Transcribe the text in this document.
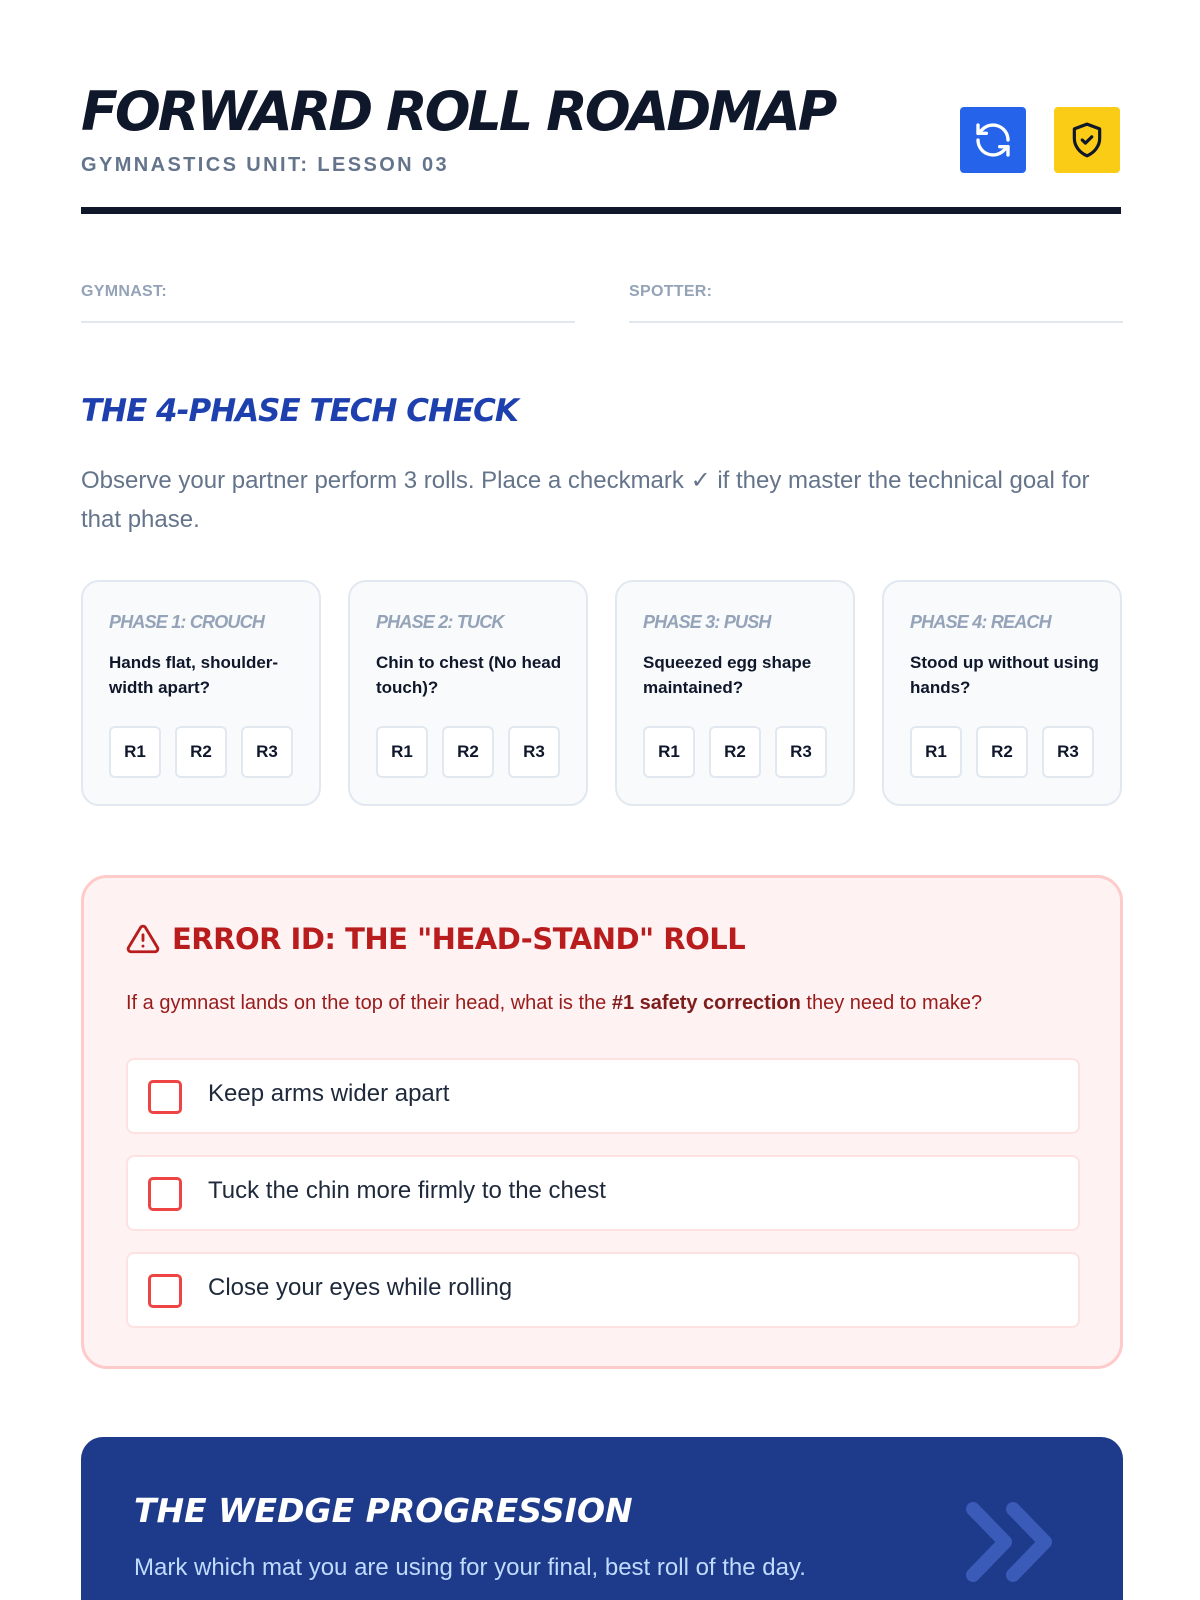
FORWARD ROLL ROADMAP
GYMNASTICS UNIT: LESSON 03
GYMNAST:	SPOTTER:
THE 4-PHASE TECH CHECK
Observe your partner perform 3 rolls. Place a checkmark ✓ if they master the technical goal for that phase.
PHASE 1: CROUCH
Hands flat, shoulder-width apart?
R1	R2	R3
PHASE 2: TUCK
Chin to chest (No head touch)?
R1	R2	R3
PHASE 3: PUSH
Squeezed egg shape maintained?
R1	R2	R3
PHASE 4: REACH
Stood up without using hands?
R1	R2	R3
ERROR ID: THE "HEAD-STAND" ROLL
If a gymnast lands on the top of their head, what is the #1 safety correction they need to make?
Keep arms wider apart
Tuck the chin more firmly to the chest
Close your eyes while rolling
THE WEDGE PROGRESSION
Mark which mat you are using for your final, best roll of the day.
